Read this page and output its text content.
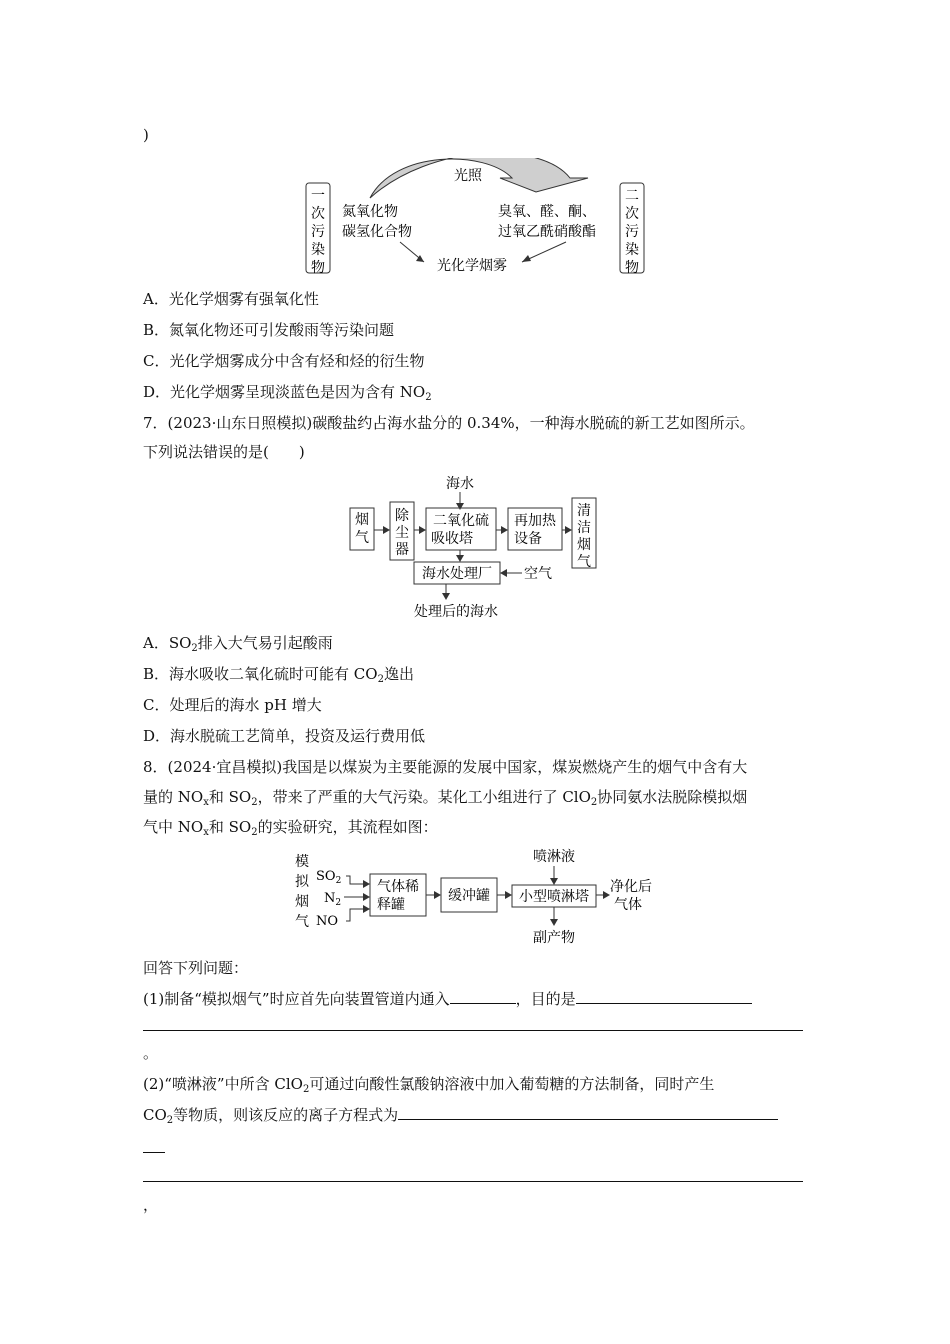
)
一
次
污
染
物
二
次
污
染
物
光照
氮氧化物
碳氢化合物
臭氧、醛、酮、
过氧乙酰硝酸酯
光化学烟雾
A．光化学烟雾有强氧化性
B．氮氧化物还可引发酸雨等污染问题
C．光化学烟雾成分中含有烃和烃的衍生物
D．光化学烟雾呈现淡蓝色是因为含有 $NO_2$
7．(2023·山东日照模拟)碳酸盐约占海水盐分的 0.34%，一种海水脱硫的新工艺如图所示。
下列说法错误的是(　　)
海水
烟
气
除
尘
器
二氧化硫
吸收塔
再加热
设备
清
洁
烟
气
海水处理厂 空气
处理后的海水
A．$SO_2$排入大气易引起酸雨
B．海水吸收二氧化硫时可能有 $CO_2$逸出
C．处理后的海水 pH 增大
D．海水脱硫工艺简单，投资及运行费用低
8．(2024·宜昌模拟)我国是以煤炭为主要能源的发展中国家，煤炭燃烧产生的烟气中含有大
量的 $NO_x$和 $SO_2$，带来了严重的大气污染。某化工小组进行了 ClO$_2$协同氨水法脱除模拟烟
气中 $NO_x$和 $SO_2$的实验研究，其流程如图：
模
拟
烟
气
$SO_2$
$N_2$
NO
气体稀
释罐
缓冲罐
喷淋液
小型喷淋塔
净化后
气体
副产物
回答下列问题：
(1)制备“模拟烟气”时应首先向装置管道内通入	，目的是
。
(2)“喷淋液”中所含 ClO$_2$可通过向酸性氯酸钠溶液中加入葡萄糖的方法制备，同时产生
$CO_2$等物质，则该反应的离子方程式为
，
